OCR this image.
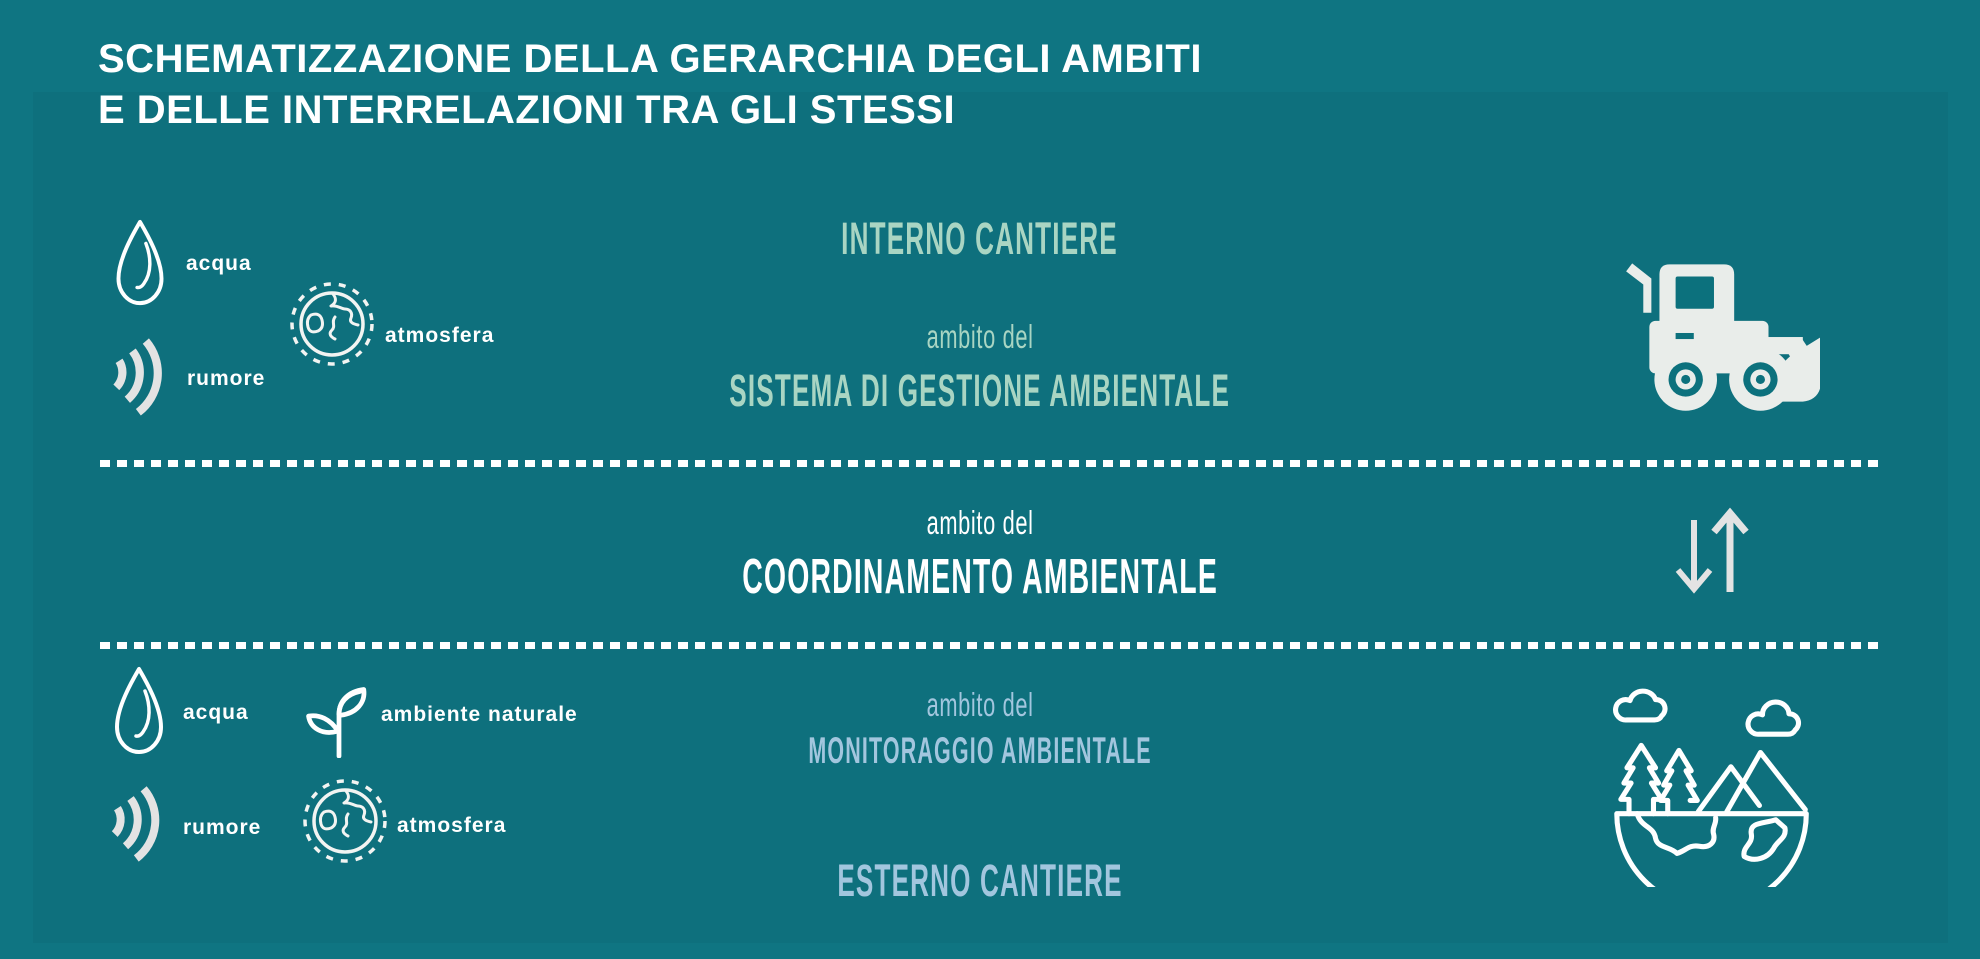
SCHEMATIZZAZIONE DELLA GERARCHIA DEGLI AMBITI
E DELLE INTERRELAZIONI TRA GLI STESSI
acqua
atmosfera
rumore
INTERNO CANTIERE
ambito del
SISTEMA DI GESTIONE AMBIENTALE
ambito del
COORDINAMENTO AMBIENTALE
acqua	ambiente naturale
rumore	atmosfera
ambito del
MONITORAGGIO AMBIENTALE
ESTERNO CANTIERE
